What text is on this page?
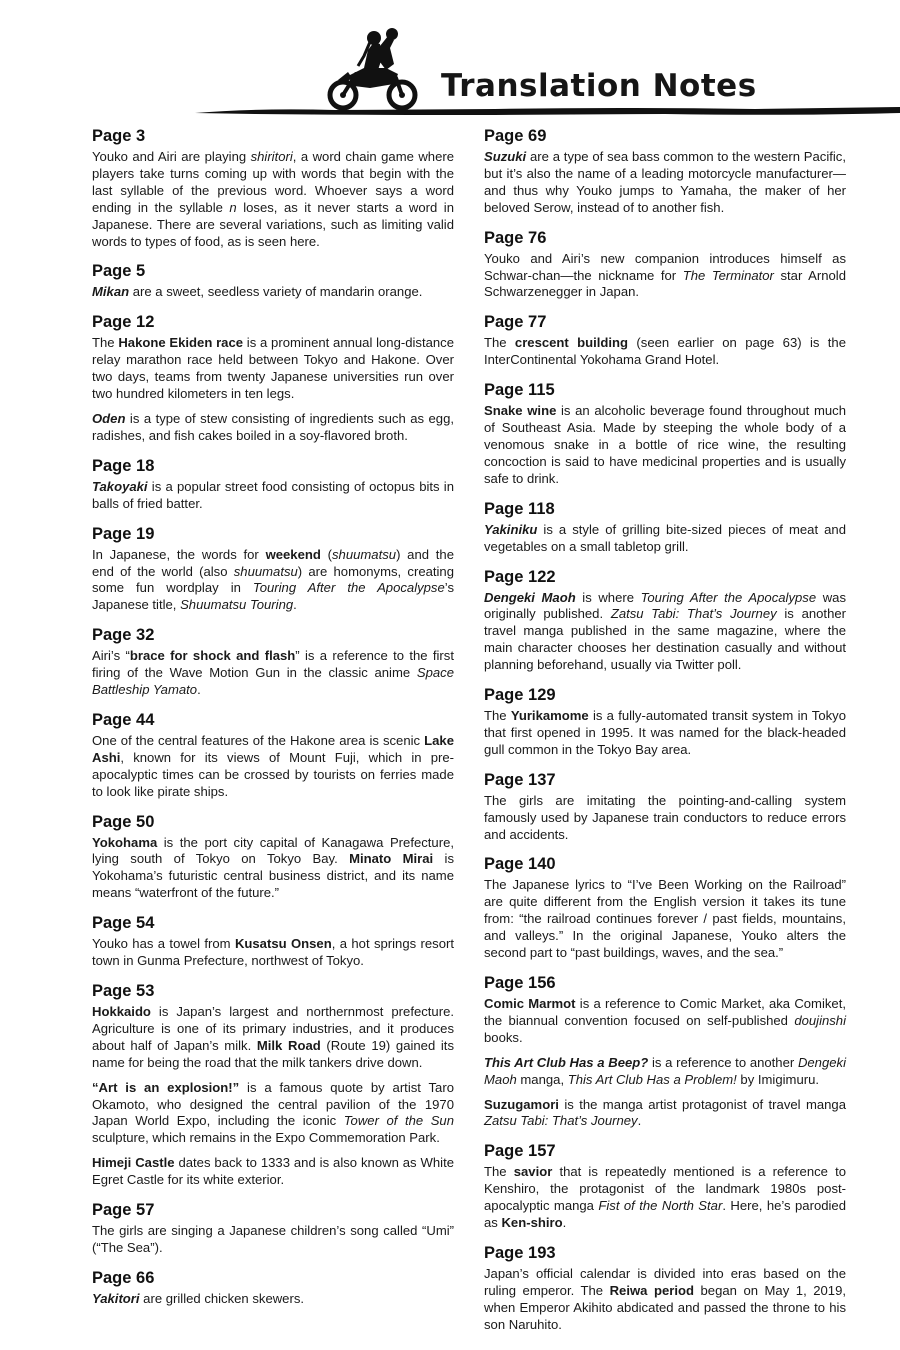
Translation Notes
Page 3

Youko and Airi are playing shiritori, a word chain game where players take turns coming up with words that begin with the last syllable of the previous word. Whoever says a word ending in the syllable n loses, as it never starts a word in Japanese. There are several variations, such as limiting valid words to types of food, as is seen here.

Page 5

Mikan are a sweet, seedless variety of mandarin orange.

Page 12

The Hakone Ekiden race is a prominent annual long-distance relay marathon race held between Tokyo and Hakone. Over two days, teams from twenty Japanese universities run over two hundred kilometers in ten legs.

Oden is a type of stew consisting of ingredients such as egg, radishes, and fish cakes boiled in a soy-flavored broth.

Page 18

Takoyaki is a popular street food consisting of octopus bits in balls of fried batter.

Page 19

In Japanese, the words for weekend (shuumatsu) and the end of the world (also shuumatsu) are homonyms, creating some fun wordplay in Touring After the Apocalypse’s Japanese title, Shuumatsu Touring.

Page 32

Airi’s “brace for shock and flash” is a reference to the first firing of the Wave Motion Gun in the classic anime Space Battleship Yamato.

Page 44

One of the central features of the Hakone area is scenic Lake Ashi, known for its views of Mount Fuji, which in pre-apocalyptic times can be crossed by tourists on ferries made to look like pirate ships.

Page 50

Yokohama is the port city capital of Kanagawa Prefecture, lying south of Tokyo on Tokyo Bay. Minato Mirai is Yokohama’s futuristic central business district, and its name means “waterfront of the future.”

Page 54

Youko has a towel from Kusatsu Onsen, a hot springs resort town in Gunma Prefecture, northwest of Tokyo.

Page 53

Hokkaido is Japan’s largest and northernmost prefecture. Agriculture is one of its primary industries, and it produces about half of Japan’s milk. Milk Road (Route 19) gained its name for being the road that the milk tankers drive down.

“Art is an explosion!” is a famous quote by artist Taro Okamoto, who designed the central pavilion of the 1970 Japan World Expo, including the iconic Tower of the Sun sculpture, which remains in the Expo Commemoration Park.

Himeji Castle dates back to 1333 and is also known as White Egret Castle for its white exterior.

Page 57

The girls are singing a Japanese children’s song called “Umi” (“The Sea”).

Page 66

Yakitori are grilled chicken skewers.

Page 69

Suzuki are a type of sea bass common to the western Pacific, but it’s also the name of a leading motorcycle manufacturer—and thus why Youko jumps to Yamaha, the maker of her beloved Serow, instead of to another fish.

Page 76

Youko and Airi’s new companion introduces himself as Schwar-chan—the nickname for The Terminator star Arnold Schwarzenegger in Japan.

Page 77

The crescent building (seen earlier on page 63) is the InterContinental Yokohama Grand Hotel.

Page 115

Snake wine is an alcoholic beverage found throughout much of Southeast Asia. Made by steeping the whole body of a venomous snake in a bottle of rice wine, the resulting concoction is said to have medicinal properties and is usually safe to drink.

Page 118

Yakiniku is a style of grilling bite-sized pieces of meat and vegetables on a small tabletop grill.

Page 122

Dengeki Maoh is where Touring After the Apocalypse was originally published. Zatsu Tabi: That’s Journey is another travel manga published in the same magazine, where the main character chooses her destination casually and without planning beforehand, usually via Twitter poll.

Page 129

The Yurikamome is a fully-automated transit system in Tokyo that first opened in 1995. It was named for the black-headed gull common in the Tokyo Bay area.

Page 137

The girls are imitating the pointing-and-calling system famously used by Japanese train conductors to reduce errors and accidents.

Page 140

The Japanese lyrics to “I’ve Been Working on the Railroad” are quite different from the English version it takes its tune from: “the railroad continues forever / past fields, mountains, and valleys.” In the original Japanese, Youko alters the second part to “past buildings, waves, and the sea.”

Page 156

Comic Marmot is a reference to Comic Market, aka Comiket, the biannual convention focused on self-published doujinshi books.

This Art Club Has a Beep? is a reference to another Dengeki Maoh manga, This Art Club Has a Problem! by Imigimuru.

Suzugamori is the manga artist protagonist of travel manga Zatsu Tabi: That’s Journey.

Page 157

The savior that is repeatedly mentioned is a reference to Kenshiro, the protagonist of the landmark 1980s post-apocalyptic manga Fist of the North Star. Here, he’s parodied as Ken-shiro.

Page 193

Japan’s official calendar is divided into eras based on the ruling emperor. The Reiwa period began on May 1, 2019, when Emperor Akihito abdicated and passed the throne to his son Naruhito.
